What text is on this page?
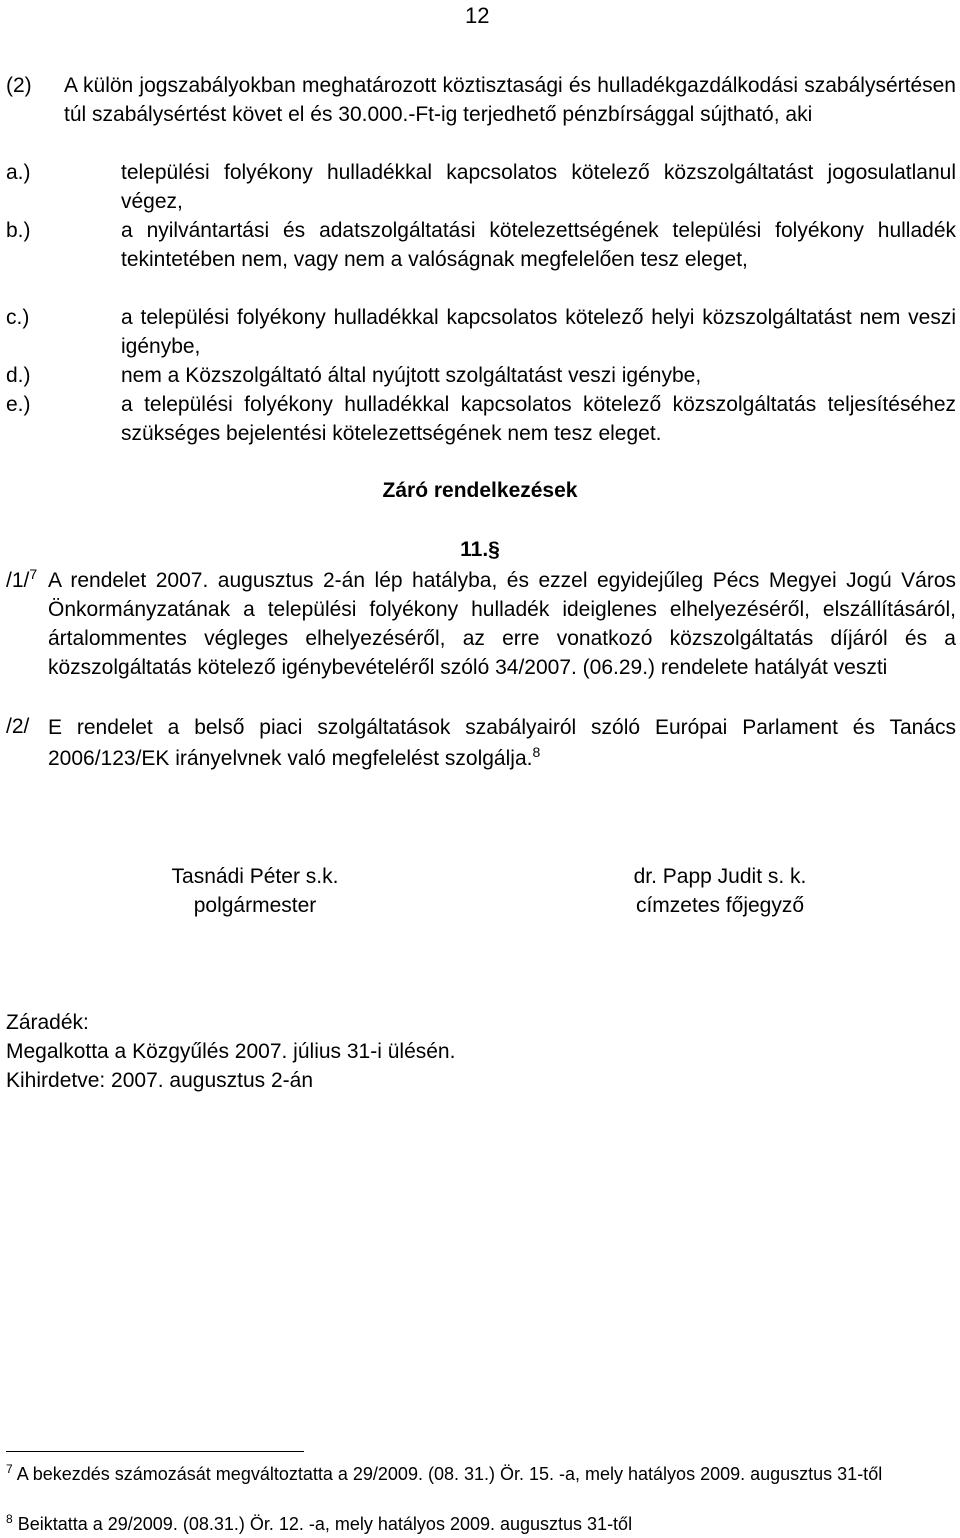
12
(2)	A külön jogszabályokban meghatározott köztisztasági és hulladékgazdálkodási szabálysértésen túl szabálysértést követ el és 30.000.-Ft-ig terjedhető pénzbírsággal sújtható, aki
a.)	települési folyékony hulladékkal kapcsolatos kötelező közszolgáltatást jogosulatlanul végez,
b.)	a nyilvántartási és adatszolgáltatási kötelezettségének települési folyékony hulladék tekintetében nem, vagy nem a valóságnak megfelelően tesz eleget,
c.)	a települési folyékony hulladékkal kapcsolatos kötelező helyi közszolgáltatást nem veszi igénybe,
d.)	nem a Közszolgáltató által nyújtott szolgáltatást veszi igénybe,
e.)	a települési folyékony hulladékkal kapcsolatos kötelező közszolgáltatás teljesítéséhez szükséges bejelentési kötelezettségének nem tesz eleget.
Záró rendelkezések
11.§
/1/$^7$ A rendelet 2007. augusztus 2-án lép hatályba, és ezzel egyidejűleg Pécs Megyei Jogú Város Önkormányzatának a települési folyékony hulladék ideiglenes elhelyezéséről, elszállításáról, ártalommentes végleges elhelyezéséről, az erre vonatkozó közszolgáltatás díjáról és a közszolgáltatás kötelező igénybevételéről szóló 34/2007. (06.29.) rendelete hatályát veszti
/2/ E rendelet a belső piaci szolgáltatások szabályairól szóló Európai Parlament és Tanács 2006/123/EK irányelvnek való megfelelést szolgálja.$^8$
Tasnádi Péter s.k.
polgármester
dr. Papp Judit s. k.
címzetes főjegyző
Záradék:
Megalkotta a Közgyűlés 2007. július 31-i ülésén.
Kihirdetve: 2007. augusztus 2-án
$^7$ A bekezdés számozását megváltoztatta a 29/2009. (08. 31.) Ör. 15. -a, mely hatályos 2009. augusztus 31-től
$^8$ Beiktatta a 29/2009. (08.31.) Ör. 12. -a, mely hatályos 2009. augusztus 31-től
